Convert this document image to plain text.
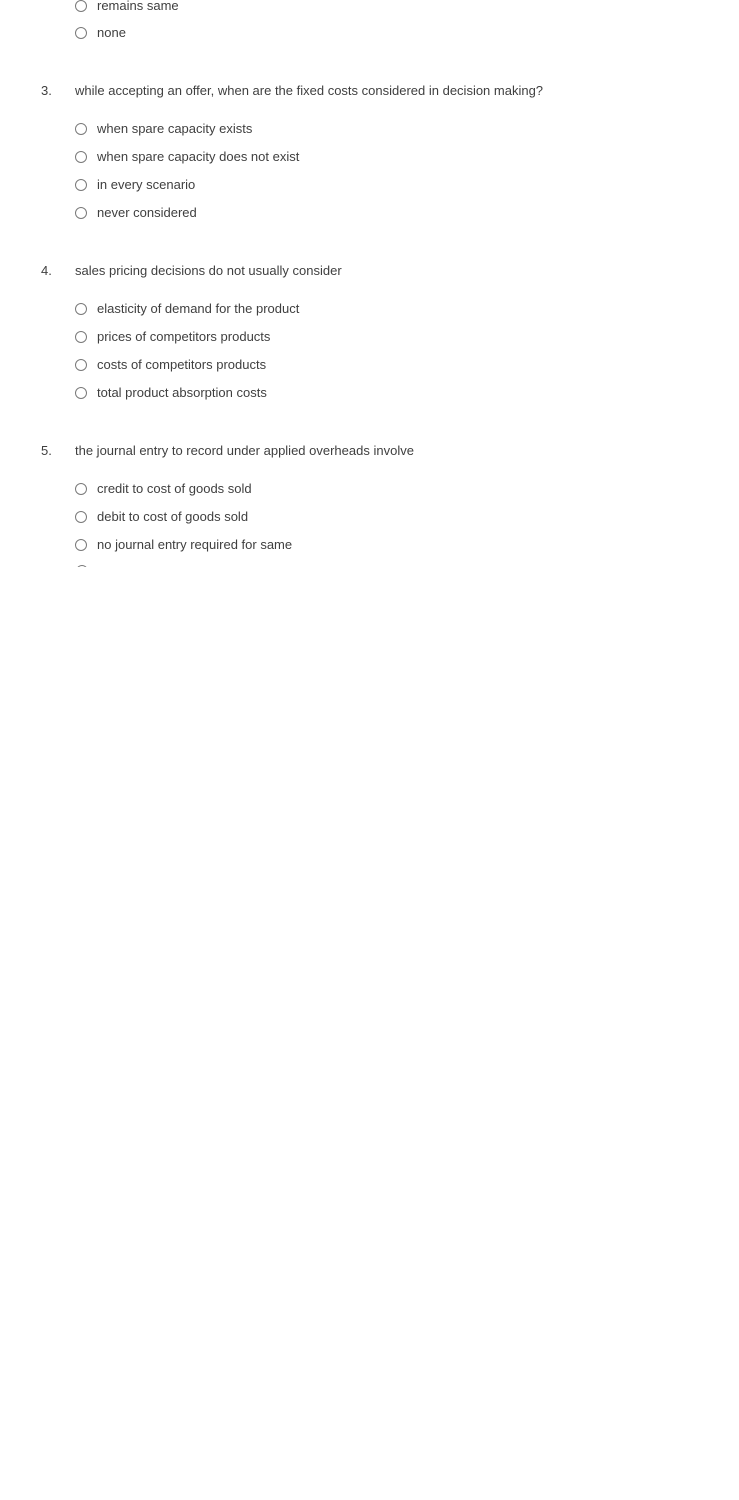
remains same
none
3. while accepting an offer, when are the fixed costs considered in decision making?
when spare capacity exists
when spare capacity does not exist
in every scenario
never considered
4. sales pricing decisions do not usually consider
elasticity of demand for the product
prices of competitors products
costs of competitors products
total product absorption costs
5. the journal entry to record under applied overheads involve
credit to cost of goods sold
debit to cost of goods sold
no journal entry required for same
